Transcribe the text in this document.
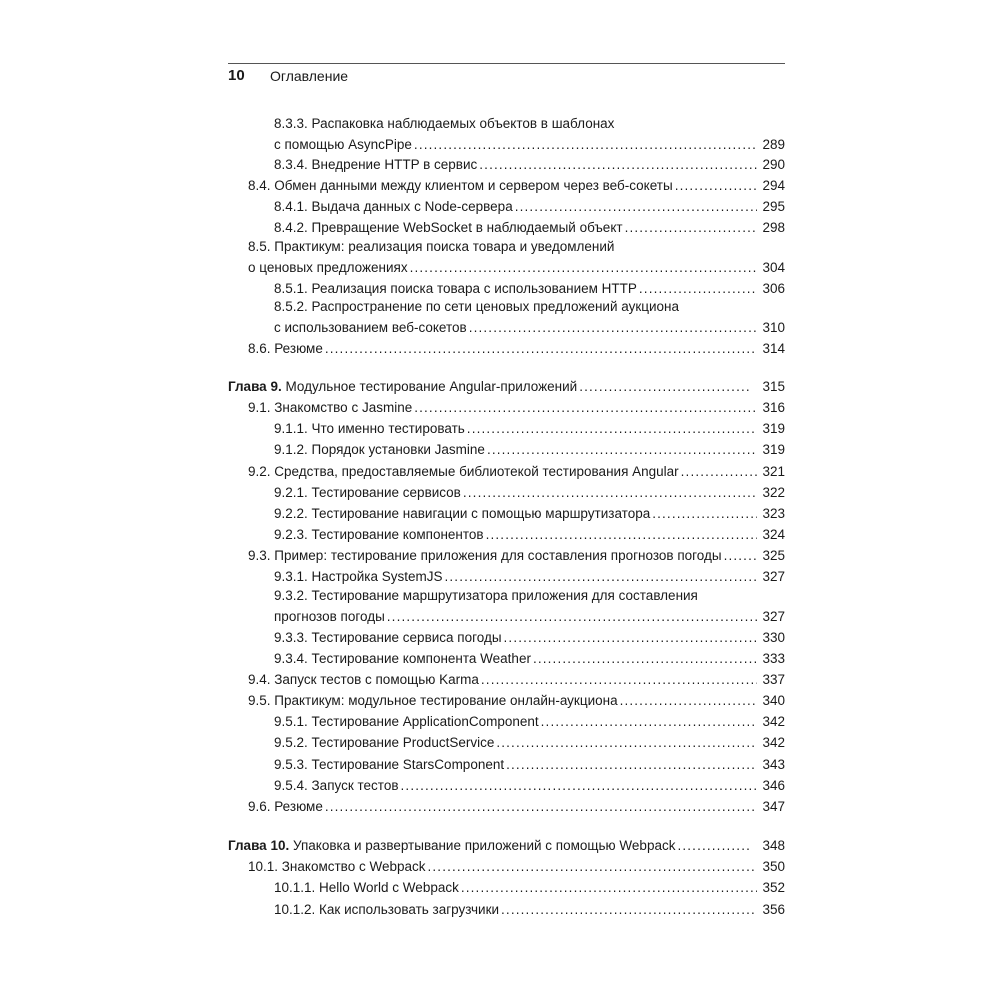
10 Оглавление
8.3.3. Распаковка наблюдаемых объектов в шаблонах
с помощью AsyncPipe . . .	289
8.3.4. Внедрение HTTP в сервис . . .	290
8.4. Обмен данными между клиентом и сервером через веб-сокеты . . .	294
8.4.1. Выдача данных с Node-сервера . . .	295
8.4.2. Превращение WebSocket в наблюдаемый объект . . .	298
8.5. Практикум: реализация поиска товара и уведомлений
о ценовых предложениях . . .	304
8.5.1. Реализация поиска товара с использованием HTTP . . .	306
8.5.2. Распространение по сети ценовых предложений аукциона
с использованием веб-сокетов . . .	310
8.6. Резюме . . .	314
Глава 9.
Модульное тестирование Angular-приложений . . .	315
9.1. Знакомство с Jasmine . . .	316
9.1.1. Что именно тестировать . . .	319
9.1.2. Порядок установки Jasmine . . .	319
9.2. Средства, предоставляемые библиотекой тестирования Angular . . .	321
9.2.1. Тестирование сервисов . . .	322
9.2.2. Тестирование навигации с помощью маршрутизатора . . .	323
9.2.3. Тестирование компонентов . . .	324
9.3. Пример: тестирование приложения для составления прогнозов погоды . . .	325
9.3.1. Настройка SystemJS . . .	327
9.3.2. Тестирование маршрутизатора приложения для составления
прогнозов погоды . . .	327
9.3.3. Тестирование сервиса погоды . . .	330
9.3.4. Тестирование компонента Weather . . .	333
9.4. Запуск тестов с помощью Karma . . .	337
9.5. Практикум: модульное тестирование онлайн-аукциона . . .	340
9.5.1. Тестирование ApplicationComponent . . .	342
9.5.2. Тестирование ProductService . . .	342
9.5.3. Тестирование StarsComponent . . .	343
9.5.4. Запуск тестов . . .	346
9.6. Резюме . . .	347
Глава 10.
Упаковка и развертывание приложений с помощью Webpack . . .	348
10.1. Знакомство с Webpack . . .	350
10.1.1. Hello World с Webpack . . .	352
10.1.2. Как использовать загрузчики . . .	356
